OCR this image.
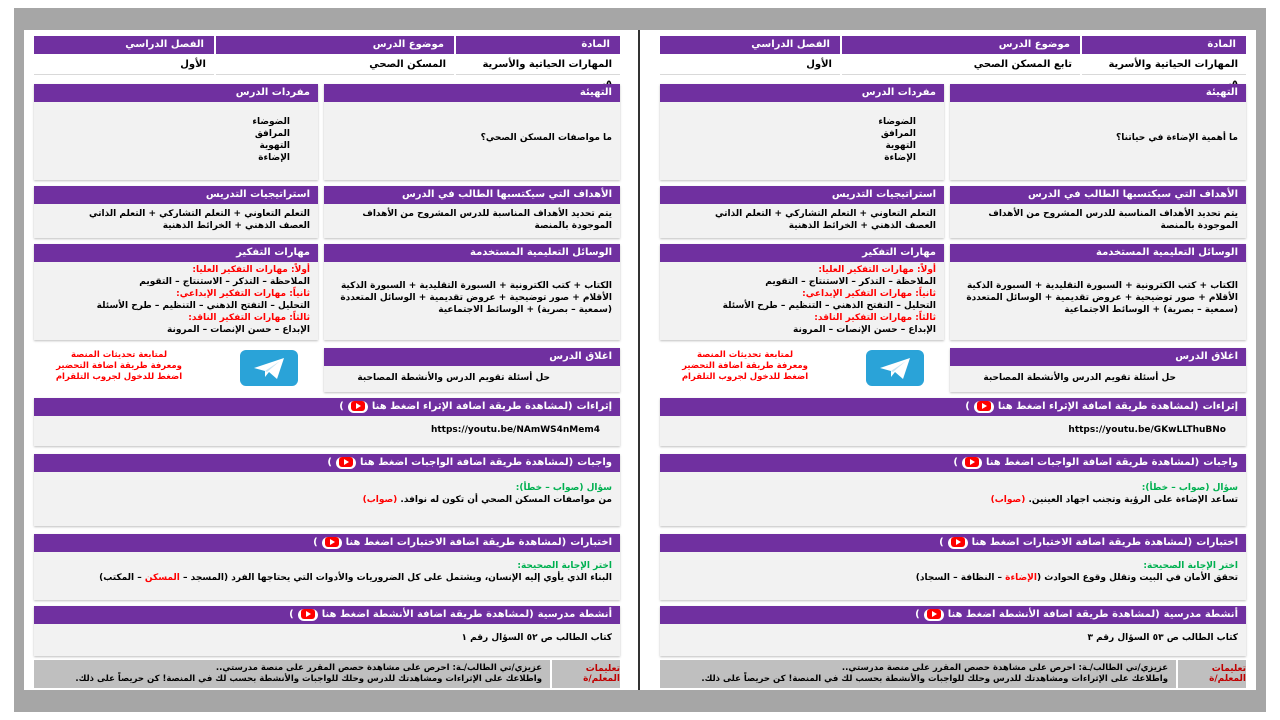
المادة
موضوع الدرس
الفصل الدراسي
المهارات الحياتية والأسرية
تابع المسكن الصحي
الأول
التهيئة
ما أهمية الإضاءة في حياتنا؟
مفردات الدرس
الضوضاء
المرافق
التهوية
الإضاءة
الأهداف التي سيكتسبها الطالب في الدرس
يتم تحديد الأهداف المناسبة للدرس المشروح من الأهداف الموجودة بالمنصة
استراتيجيات التدريس
التعلم التعاوني + التعلم التشاركي + التعلم الذاتي
العصف الذهني + الخرائط الذهنية
الوسائل التعليمية المستخدمة
الكتاب + كتب الكترونية + السبورة التقليدية + السبورة الذكية
الأقلام + صور توضيحية + عروض تقديمية + الوسائل المتعددة
(سمعية – بصرية) + الوسائط الاجتماعية
مهارات التفكير
أولاً: مهارات التفكير العليا:
الملاحظة – التذكر – الاستنتاج – التقويم
ثانياً: مهارات التفكير الإبداعي:
التحليل – التفتح الذهني – التنظيم – طرح الأسئلة
ثالثاً: مهارات التفكير الناقد:
الإبداع – حسن الإنصات – المرونة
اغلاق الدرس
حل أسئلة تقويم الدرس والأنشطة المصاحبة
لمتابعة تحديثات المنصة
ومعرفة طريقة اضافة التحضير
اضغط للدخول لجروب التلقرام
إثراءات
(لمشاهدة طريقة اضافة الإثراء اضغط هنا
)
https://youtu.be/GKwLLThuBNo
واجبات
(لمشاهدة طريقة اضافة الواجبات اضغط هنا
)
سؤال (صواب – خطأ):
تساعد الإضاءة على الرؤية وتجنب اجهاد العينين. (صواب)
اختبارات
(لمشاهدة طريقة اضافة الاختبارات اضغط هنا
)
اختر الإجابة الصحيحة:
تحقق الأمان في البيت وتقلل وقوع الحوادث (الإضاءة – النظافة – السجاد)
أنشطة مدرسية
(لمشاهدة طريقة اضافة الأنشطة اضغط هنا
)
كتاب الطالب ص ٥٣ السؤال رقم ٣
تعليمات المعلم/ة
عزيزي/تي الطالب/ـة: احرص على مشاهدة حصص المقرر على منصة مدرستي..
واطلاعك على الإثراءات ومشاهدتك للدرس وحلك للواجبات والأنشطة بحسب لك في المنصة! كن حريصاً على ذلك.
المادة
موضوع الدرس
الفصل الدراسي
المهارات الحياتية والأسرية
المسكن الصحي
الأول
التهيئة
ما مواصفات المسكن الصحي؟
مفردات الدرس
الضوضاء
المرافق
التهوية
الإضاءة
الأهداف التي سيكتسبها الطالب في الدرس
يتم تحديد الأهداف المناسبة للدرس المشروح من الأهداف الموجودة بالمنصة
استراتيجيات التدريس
التعلم التعاوني + التعلم التشاركي + التعلم الذاتي
العصف الذهني + الخرائط الذهنية
الوسائل التعليمية المستخدمة
الكتاب + كتب الكترونية + السبورة التقليدية + السبورة الذكية
الأقلام + صور توضيحية + عروض تقديمية + الوسائل المتعددة
(سمعية – بصرية) + الوسائط الاجتماعية
مهارات التفكير
أولاً: مهارات التفكير العليا:
الملاحظة – التذكر – الاستنتاج – التقويم
ثانياً: مهارات التفكير الإبداعي:
التحليل – التفتح الذهني – التنظيم – طرح الأسئلة
ثالثاً: مهارات التفكير الناقد:
الإبداع – حسن الإنصات – المرونة
اغلاق الدرس
حل أسئلة تقويم الدرس والأنشطة المصاحبة
لمتابعة تحديثات المنصة
ومعرفة طريقة اضافة التحضير
اضغط للدخول لجروب التلقرام
إثراءات
(لمشاهدة طريقة اضافة الإثراء اضغط هنا
)
https://youtu.be/NAmWS4nMem4
واجبات
(لمشاهدة طريقة اضافة الواجبات اضغط هنا
)
سؤال (صواب – خطأ):
من مواصفات المسكن الصحي أن تكون له نوافذ. (صواب)
اختبارات
(لمشاهدة طريقة اضافة الاختبارات اضغط هنا
)
اختر الإجابة الصحيحة:
البناء الذي يأوي إليه الإنسان، ويشتمل على كل الضروريات والأدوات التي يحتاجها الفرد (المسجد – المسكن – المكتب)
أنشطة مدرسية
(لمشاهدة طريقة اضافة الأنشطة اضغط هنا
)
كتاب الطالب ص ٥٢ السؤال رقم ١
تعليمات المعلم/ة
عزيزي/تي الطالب/ـة: احرص على مشاهدة حصص المقرر على منصة مدرستي..
واطلاعك على الإثراءات ومشاهدتك للدرس وحلك للواجبات والأنشطة بحسب لك في المنصة! كن حريصاً على ذلك.
